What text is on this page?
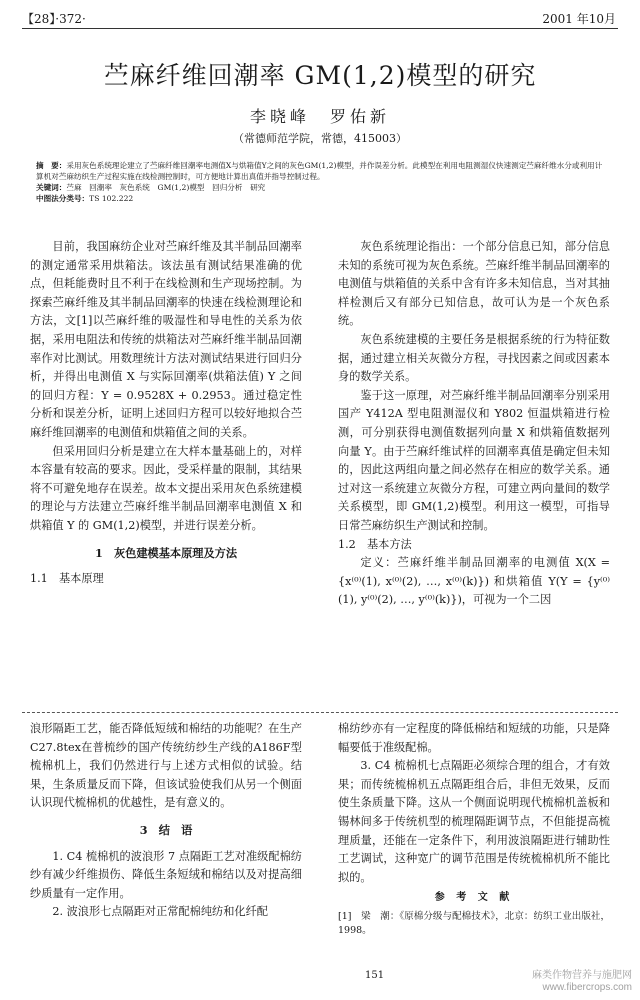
【28】·372·	2001 年10月
苎麻纤维回潮率 GM(1,2)模型的研究
李晓峰　罗佑新
（常德师范学院，常德，415003）
摘　要：采用灰色系统理论建立了苎麻纤维回潮率电测值X与烘箱值Y之间的灰色GM(1,2)模型，并作误差分析。此模型在利用电阻测湿仪快速测定苎麻纤维水分或利用计算机对苎麻纺织生产过程实施在线检测控制时，可方便地计算出真值并指导控制过程。
关键词：苎麻　回潮率　灰色系统　GM(1,2)模型　回归分析　研究
中图法分类号：TS 102.222

目前，我国麻纺企业对苎麻纤维及其半制品回潮率的测定通常采用烘箱法。该法虽有测试结果准确的优点，但耗能费时且不利于在线检测和生产现场控制。为探索苎麻纤维及其半制品回潮率的快速在线检测理论和方法，文[1]以苎麻纤维的吸湿性和导电性的关系为依据，采用电阻法和传统的烘箱法对苎麻纤维半制品回潮率作对比测试。用数理统计方法对测试结果进行回归分析，并得出电测值 X 与实际回潮率(烘箱法值) Y 之间的回归方程：Y = 0.9528X + 0.2953。通过稳定性分析和误差分析，证明上述回归方程可以较好地拟合苎麻纤维回潮率的电测值和烘箱值之间的关系。

但采用回归分析是建立在大样本量基础上的，对样本容量有较高的要求。因此，受采样量的限制，其结果将不可避免地存在误差。故本文提出采用灰色系统建模的理论与方法建立苎麻纤维半制品回潮率电测值 X 和烘箱值 Y 的 GM(1,2)模型，并进行误差分析。

1　灰色建模基本原理及方法

1.1　基本原理

灰色系统理论指出：一个部分信息已知，部分信息未知的系统可视为灰色系统。苎麻纤维半制品回潮率的电测值与烘箱值的关系中含有许多未知信息，当对其抽样检测后又有部分已知信息，故可认为是一个灰色系统。

灰色系统建模的主要任务是根据系统的行为特征数据，通过建立相关灰微分方程，寻找因素之间或因素本身的数学关系。

鉴于这一原理，对苎麻纤维半制品回潮率分别采用国产 Y412A 型电阻测湿仪和 Y802 恒温烘箱进行检测，可分别获得电测值数据列向量 X 和烘箱值数据列向量 Y。由于苎麻纤维试样的回潮率真值是确定但未知的，因此这两组向量之间必然存在相应的数学关系。通过对这一系统建立灰微分方程，可建立两向量间的数学关系模型，即 GM(1,2)模型。利用这一模型，可指导日常苎麻纺织生产测试和控制。

1.2　基本方法

定义：苎麻纤维半制品回潮率的电测值 X(X = {x⁽⁰⁾(1), x⁽⁰⁾(2), …, x⁽⁰⁾(k)}) 和烘箱值 Y(Y = {y⁽⁰⁾(1), y⁽⁰⁾(2), …, y⁽⁰⁾(k)})，可视为一个二因

浪形隔距工艺，能否降低短绒和棉结的功能呢？在生产C27.8tex在普梳纱的国产传统纺纱生产线的A186F型梳棉机上，我们仍然进行与上述方式相似的试验。结果，生条质量反而下降，但该试验使我们从另一个侧面认识现代梳棉机的优越性，是有意义的。

3　结　语

1. C4 梳棉机的波浪形 7 点隔距工艺对准级配棉纺纱有减少纤维损伤、降低生条短绒和棉结以及对提高细纱质量有一定作用。

2. 波浪形七点隔距对正常配棉纯纺和化纤配

棉纺纱亦有一定程度的降低棉结和短绒的功能，只是降幅要低于准级配棉。

3. C4 梳棉机七点隔距必须综合理的组合，才有效果；而传统梳棉机五点隔距组合后，非但无效果，反而使生条质量下降。这从一个侧面说明现代梳棉机盖板和锡林间多于传统机型的梳理隔距调节点，不但能提高梳理质量，还能在一定条件下，利用波浪隔距进行辅助性工艺调试，这种宽广的调节范围是传统梳棉机所不能比拟的。

参 考 文 献

[1]　梁　潮：《原棉分级与配棉技术》，北京：纺织工业出版社，1998。

151	麻类作物营养与施肥网
www.fibercrops.com
